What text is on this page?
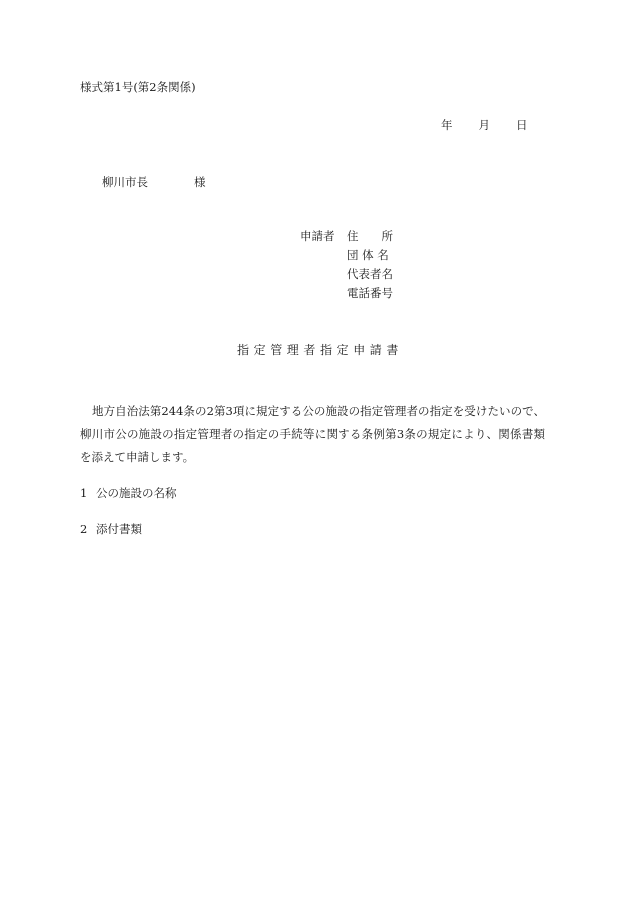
様式第1号(第2条関係)
年 月 日
柳川市長	様
申請者 住　　所
団 体 名
代表者名
電話番号
指定管理者指定申請書
地方自治法第244条の2第3項に規定する公の施設の指定管理者の指定を受けたいので、柳川市公の施設の指定管理者の指定の手続等に関する条例第3条の規定により、関係書類を添えて申請します。
1 公の施設の名称
2 添付書類
